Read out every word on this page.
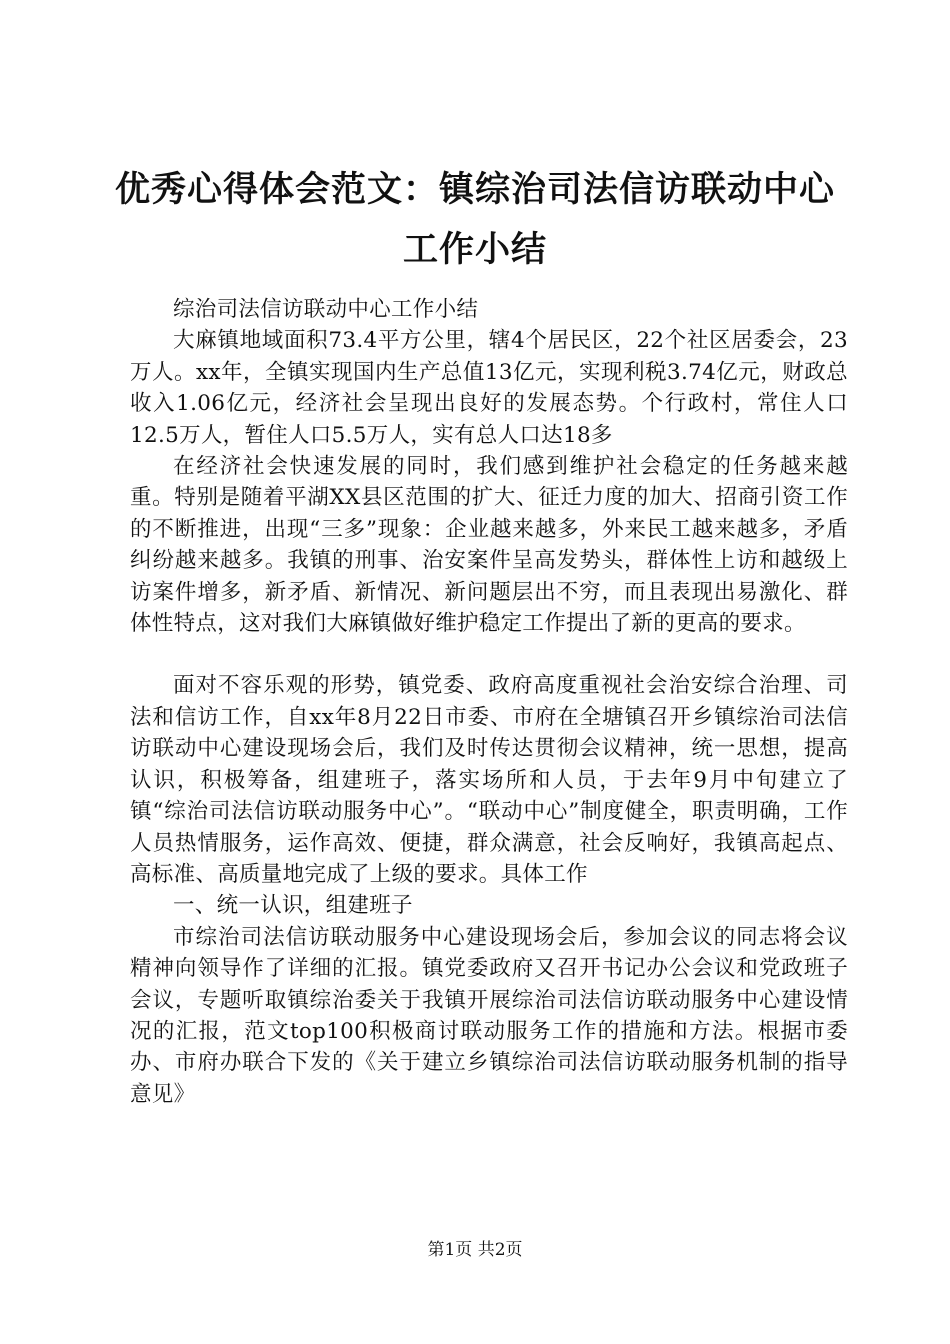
优秀心得体会范文：镇综治司法信访联动中心
工作小结

综治司法信访联动中心工作小结

大麻镇地域面积73.4平方公里，辖4个居民区，22个社区居委会，23万人。xx年，全镇实现国内生产总值13亿元，实现利税3.74亿元，财政总收入1.06亿元，经济社会呈现出良好的发展态势。个行政村，常住人口12.5万人，暂住人口5.5万人，实有总人口达18多

在经济社会快速发展的同时，我们感到维护社会稳定的任务越来越重。特别是随着平湖XX县区范围的扩大、征迁力度的加大、招商引资工作的不断推进，出现“三多”现象：企业越来越多，外来民工越来越多，矛盾纠纷越来越多。我镇的刑事、治安案件呈高发势头，群体性上访和越级上访案件增多，新矛盾、新情况、新问题层出不穷，而且表现出易激化、群体性特点，这对我们大麻镇做好维护稳定工作提出了新的更高的要求。

面对不容乐观的形势，镇党委、政府高度重视社会治安综合治理、司法和信访工作，自xx年8月22日市委、市府在全塘镇召开乡镇综治司法信访联动中心建设现场会后，我们及时传达贯彻会议精神，统一思想，提高认识，积极筹备，组建班子，落实场所和人员，于去年9月中旬建立了镇“综治司法信访联动服务中心”。“联动中心”制度健全，职责明确，工作人员热情服务，运作高效、便捷，群众满意，社会反响好，我镇高起点、高标准、高质量地完成了上级的要求。具体工作

一、统一认识，组建班子

市综治司法信访联动服务中心建设现场会后，参加会议的同志将会议精神向领导作了详细的汇报。镇党委政府又召开书记办公会议和党政班子会议，专题听取镇综治委关于我镇开展综治司法信访联动服务中心建设情况的汇报，范文top100积极商讨联动服务工作的措施和方法。根据市委办、市府办联合下发的《关于建立乡镇综治司法信访联动服务机制的指导意见》

第1页 共2页
